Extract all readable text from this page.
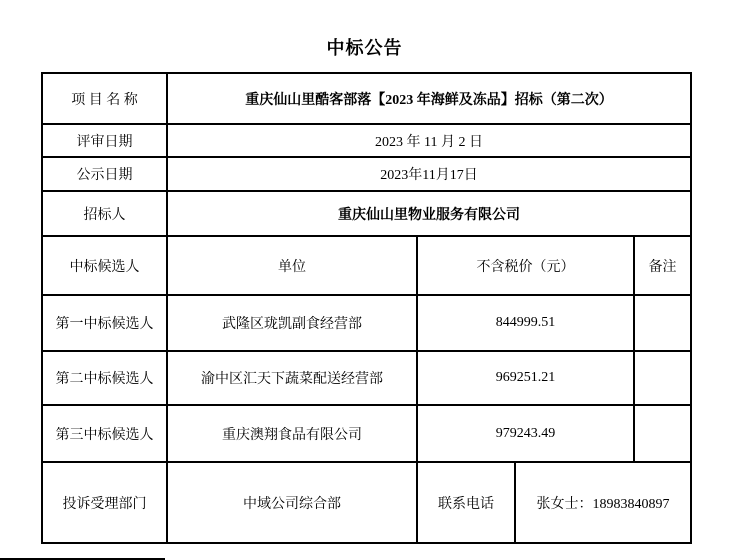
中标公告
项 目 名 称	重庆仙山里酷客部落【2023 年海鲜及冻品】招标（第二次）			
评审日期	2023 年 11 月 2 日			
公示日期	2023年11月17日			
招标人	重庆仙山里物业服务有限公司			
中标候选人	单位	不含税价（元）		备注
第一中标候选人	武隆区珑凯副食经营部	844999.51		
第二中标候选人	渝中区汇天下蔬菜配送经营部	969251.21		
第三中标候选人	重庆澳翔食品有限公司	979243.49		
投诉受理部门	中域公司综合部	联系电话	张女士：18983840897	
